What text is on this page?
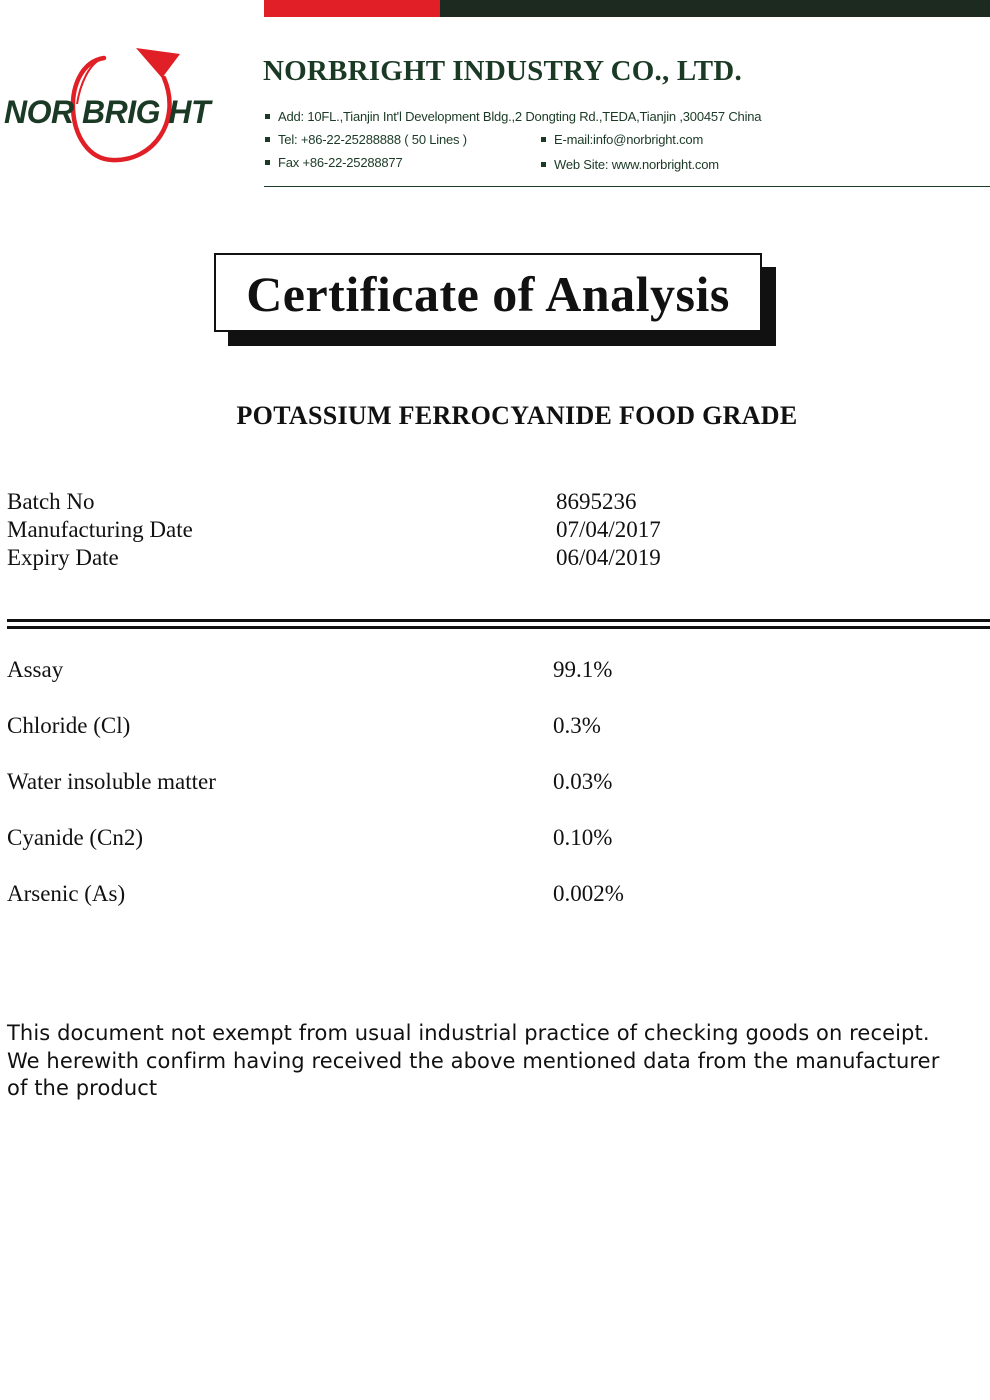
NOR BRIG HT
NORBRIGHT INDUSTRY CO., LTD.
Add: 10FL.,Tianjin Int'l Development Bldg.,2 Dongting Rd.,TEDA,Tianjin ,300457 China
Tel: +86-22-25288888 ( 50 Lines )
Fax +86-22-25288877
E-mail:info@norbright.com
Web Site: www.norbright.com
Certificate of Analysis
POTASSIUM FERROCYANIDE FOOD GRADE
Batch No	8695236
Manufacturing Date	07/04/2017
Expiry Date	06/04/2019
Assay	99.1%
Chloride (Cl)	0.3%
Water insoluble matter	0.03%
Cyanide (Cn2)	0.10%
Arsenic (As)	0.002%
This document not exempt from usual industrial practice of checking goods on receipt.
We herewith confirm having received the above mentioned data from the manufacturer
of the product
